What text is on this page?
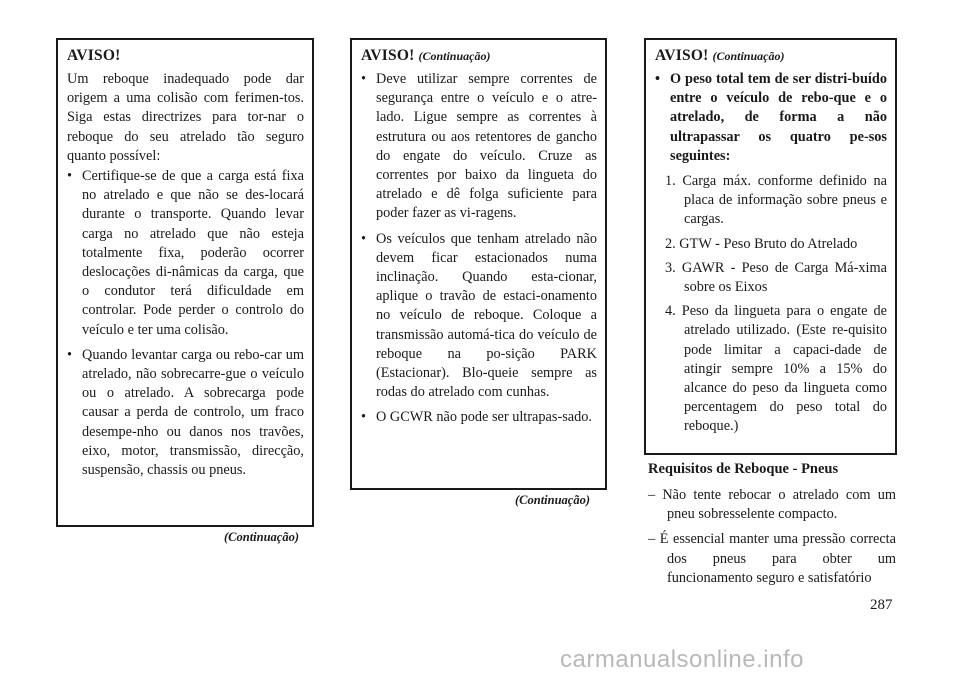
AVISO!
Um reboque inadequado pode dar origem a uma colisão com ferimen-tos. Siga estas directrizes para tor-nar o reboque do seu atrelado tão seguro quanto possível:
• Certifique-se de que a carga está fixa no atrelado e que não se des-locará durante o transporte. Quando levar carga no atrelado que não esteja totalmente fixa, poderão ocorrer deslocações di-nâmicas da carga, que o condutor terá dificuldade em controlar. Pode perder o controlo do veículo e ter uma colisão.
• Quando levantar carga ou rebo-car um atrelado, não sobrecarre-gue o veículo ou o atrelado. A sobrecarga pode causar a perda de controlo, um fraco desempe-nho ou danos nos travões, eixo, motor, transmissão, direcção, suspensão, chassis ou pneus.
(Continuação)
AVISO! (Continuação)
• Deve utilizar sempre correntes de segurança entre o veículo e o atre-lado. Ligue sempre as correntes à estrutura ou aos retentores de gancho do engate do veículo. Cruze as correntes por baixo da lingueta do atrelado e dê folga suficiente para poder fazer as vi-ragens.
• Os veículos que tenham atrelado não devem ficar estacionados numa inclinação. Quando esta-cionar, aplique o travão de estaci-onamento no veículo de reboque. Coloque a transmissão automá-tica do veículo de reboque na po-sição PARK (Estacionar). Blo-queie sempre as rodas do atrelado com cunhas.
• O GCWR não pode ser ultrapas-sado.
(Continuação)
AVISO! (Continuação)
• O peso total tem de ser distri-buído entre o veículo de rebo-que e o atrelado, de forma a não ultrapassar os quatro pe-sos seguintes:
1. Carga máx. conforme definido na placa de informação sobre pneus e cargas.
2. GTW - Peso Bruto do Atrelado
3. GAWR - Peso de Carga Má-xima sobre os Eixos
4. Peso da lingueta para o engate de atrelado utilizado. (Este re-quisito pode limitar a capaci-dade de atingir sempre 10% a 15% do alcance do peso da lingueta como percentagem do peso total do reboque.)
Requisitos de Reboque - Pneus
– Não tente rebocar o atrelado com um pneu sobresselente compacto.
– É essencial manter uma pressão correcta dos pneus para obter um funcionamento seguro e satisfatório
287
carmanualsonline.info
